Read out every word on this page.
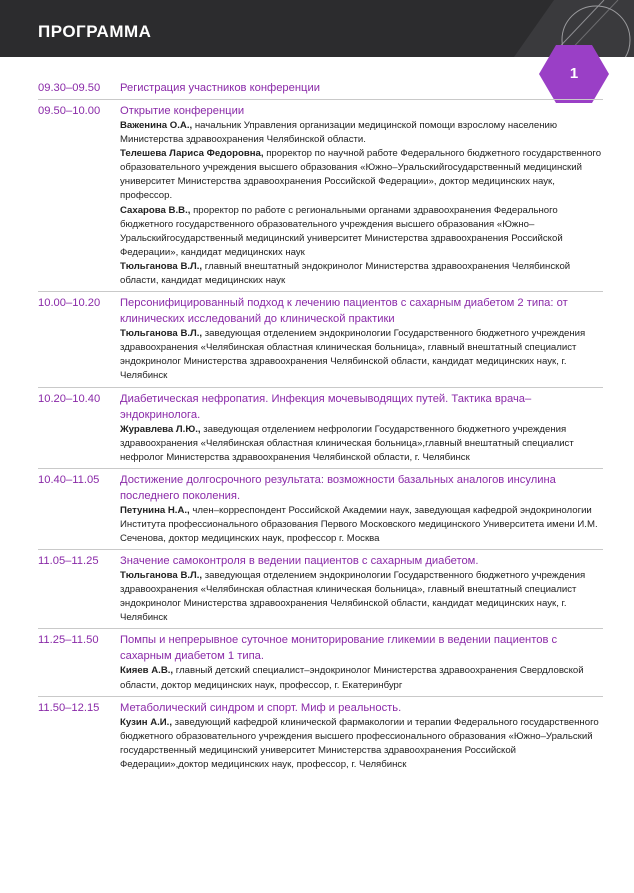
ПРОГРАММА
1
09.30–09.50	Регистрация участников конференции
09.50–10.00	Открытие конференции
Важенина О.А., начальник Управления организации медицинской помощи взрослому населению Министерства здравоохранения Челябинской области.
Телешева Лариса Федоровна, проректор по научной работе Федерального бюджетного государственного образовательного учреждения высшего образования «Южно–Уральскийгосударственный медицинский университет Министерства здравоохранения Российской Федерации», доктор медицинских наук, профессор.
Сахарова В.В., проректор по работе с региональными органами здравоохранения Федерального бюджетного государственного образовательного учреждения высшего образования «Южно–Уральскийгосударственный медицинский университет Министерства здравоохранения Российской Федерации», кандидат медицинских наук
Тюльганова В.Л., главный внештатный эндокринолог Министерства здравоохранения Челябинской области, кандидат медицинских наук
10.00–10.20	Персонифицированный подход к лечению пациентов с сахарным диабетом 2 типа: от клинических исследований до клинической практики
Тюльганова В.Л., заведующая отделением эндокринологии Государственного бюджетного учреждения здравоохранения «Челябинская областная клиническая больница», главный внештатный специалист эндокринолог Министерства здравоохранения Челябинской области, кандидат медицинских наук, г. Челябинск
10.20–10.40	Диабетическая нефропатия. Инфекция мочевыводящих путей. Тактика врача–эндокринолога.
Журавлева Л.Ю., заведующая отделением нефрологии Государственного бюджетного учреждения здравоохранения «Челябинская областная клиническая больница»,главный внештатный специалист нефролог Министерства здравоохранения Челябинской области, г. Челябинск
10.40–11.05	Достижение долгосрочного результата: возможности базальных аналогов инсулина последнего поколения.
Петунина Н.А., член–корреспондент Российской Академии наук, заведующая кафедрой эндокринологии Института профессионального образования Первого Московского медицинского Университета имени И.М. Сеченова, доктор медицинских наук, профессор г. Москва
11.05–11.25	Значение самоконтроля в ведении пациентов с сахарным диабетом.
Тюльганова В.Л., заведующая отделением эндокринологии Государственного бюджетного учреждения здравоохранения «Челябинская областная клиническая больница», главный внештатный специалист эндокринолог Министерства здравоохранения Челябинской области, кандидат медицинских наук, г. Челябинск
11.25–11.50	Помпы и непрерывное суточное мониторирование гликемии в ведении пациентов с сахарным диабетом 1 типа.
Кияев А.В., главный детский специалист–эндокринолог Министерства здравоохранения Свердловской области, доктор медицинских наук, профессор, г. Екатеринбург
11.50–12.15	Метаболический синдром и спорт. Миф и реальность.
Кузин А.И., заведующий кафедрой клинической фармакологии и терапии Федерального государственного бюджетного образовательного учреждения высшего профессионального образования «Южно–Уральский государственный медицинский университет Министерства здравоохранения Российской Федерации»,доктор медицинских наук, профессор, г. Челябинск
